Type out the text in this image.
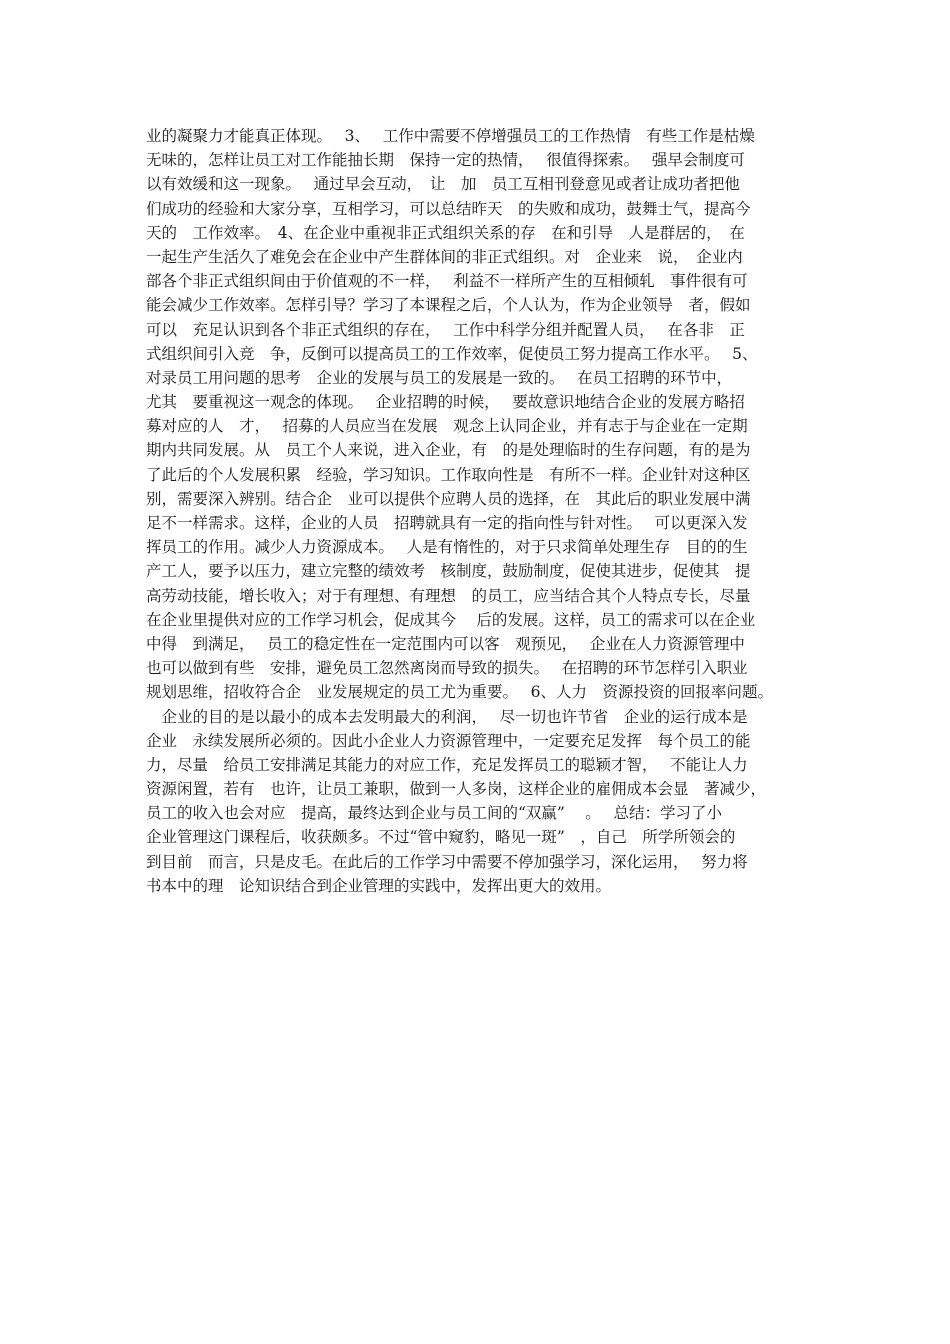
业的凝聚力才能真正体现。　 3、　 工作中需要不停增强员工的工作热情　有些工作是枯燥
无味的，怎样让员工对工作能抽长期　保持一定的热情，　 很值得探索。　 强早会制度可
以有效缓和这一现象。　 通过早会互动，　让　加　员工互相刊登意见或者让成功者把他
们成功的经验和大家分享，互相学习，可以总结昨天　的失败和成功，鼓舞士气，提高今
天的　工作效率。　4、在企业中重视非正式组织关系的存　在和引导　人是群居的，　在
一起生产生活久了难免会在企业中产生群体间的非正式组织。对　企业来　说，　企业内
部各个非正式组织间由于价值观的不一样，　 利益不一样所产生的互相倾轧　事件很有可
能会减少工作效率。怎样引导？学习了本课程之后，个人认为，作为企业领导　者，假如
可以　充足认识到各个非正式组织的存在，　 工作中科学分组并配置人员，　 在各非　正
式组织间引入竞　争，反倒可以提高员工的工作效率，促使员工努力提高工作水平。　 5、
对录员工用问题的思考　企业的发展与员工的发展是一致的。　 在员工招聘的环节中，
尤其　要重视这一观念的体现。　 企业招聘的时候，　 要故意识地结合企业的发展方略招
募对应的人　才，　 招募的人员应当在发展　观念上认同企业，并有志于与企业在一定期
期内共同发展。从　员工个人来说，进入企业，有　的是处理临时的生存问题，有的是为
了此后的个人发展积累　经验，学习知识。工作取向性是　有所不一样。企业针对这种区
别，需要深入辨别。结合企　业可以提供个应聘人员的选择，在　其此后的职业发展中满
足不一样需求。这样，企业的人员　招聘就具有一定的指向性与针对性。　 可以更深入发
挥员工的作用。减少人力资源成本。　 人是有惰性的，对于只求简单处理生存　目的的生
产工人，要予以压力，建立完整的绩效考　核制度，鼓励制度，促使其进步，促使其　提
高劳动技能，增长收入；对于有理想、有理想　的员工，应当结合其个人特点专长，尽量
在企业里提供对应的工作学习机会，促成其今　 后的发展。这样，员工的需求可以在企业
中得　到满足，　 员工的稳定性在一定范围内可以客　观预见，　 企业在人力资源管理中
也可以做到有些　安排，避免员工忽然离岗而导致的损失。　 在招聘的环节怎样引入职业
规划思维，招收符合企　业发展规定的员工尤为重要。　 6、人力　资源投资的回报率问题。
　企业的目的是以最小的成本去发明最大的利润，　 尽一切也许节省　企业的运行成本是
企业　永续发展所必须的。因此小企业人力资源管理中，一定要充足发挥　每个员工的能
力，尽量　给员工安排满足其能力的对应工作，充足发挥员工的聪颖才智，　 不能让人力
资源闲置，若有　也许，让员工兼职，做到一人多岗，这样企业的雇佣成本会显　著减少，
员工的收入也会对应　提高，最终达到企业与员工间的“双赢”　 。　 总结：学习了小
企业管理这门课程后，收获颇多。不过“管中窥豹，略见一斑”　，自己　所学所领会的
到目前　而言，只是皮毛。在此后的工作学习中需要不停加强学习，深化运用，　 努力将
书本中的理　论知识结合到企业管理的实践中，发挥出更大的效用。
